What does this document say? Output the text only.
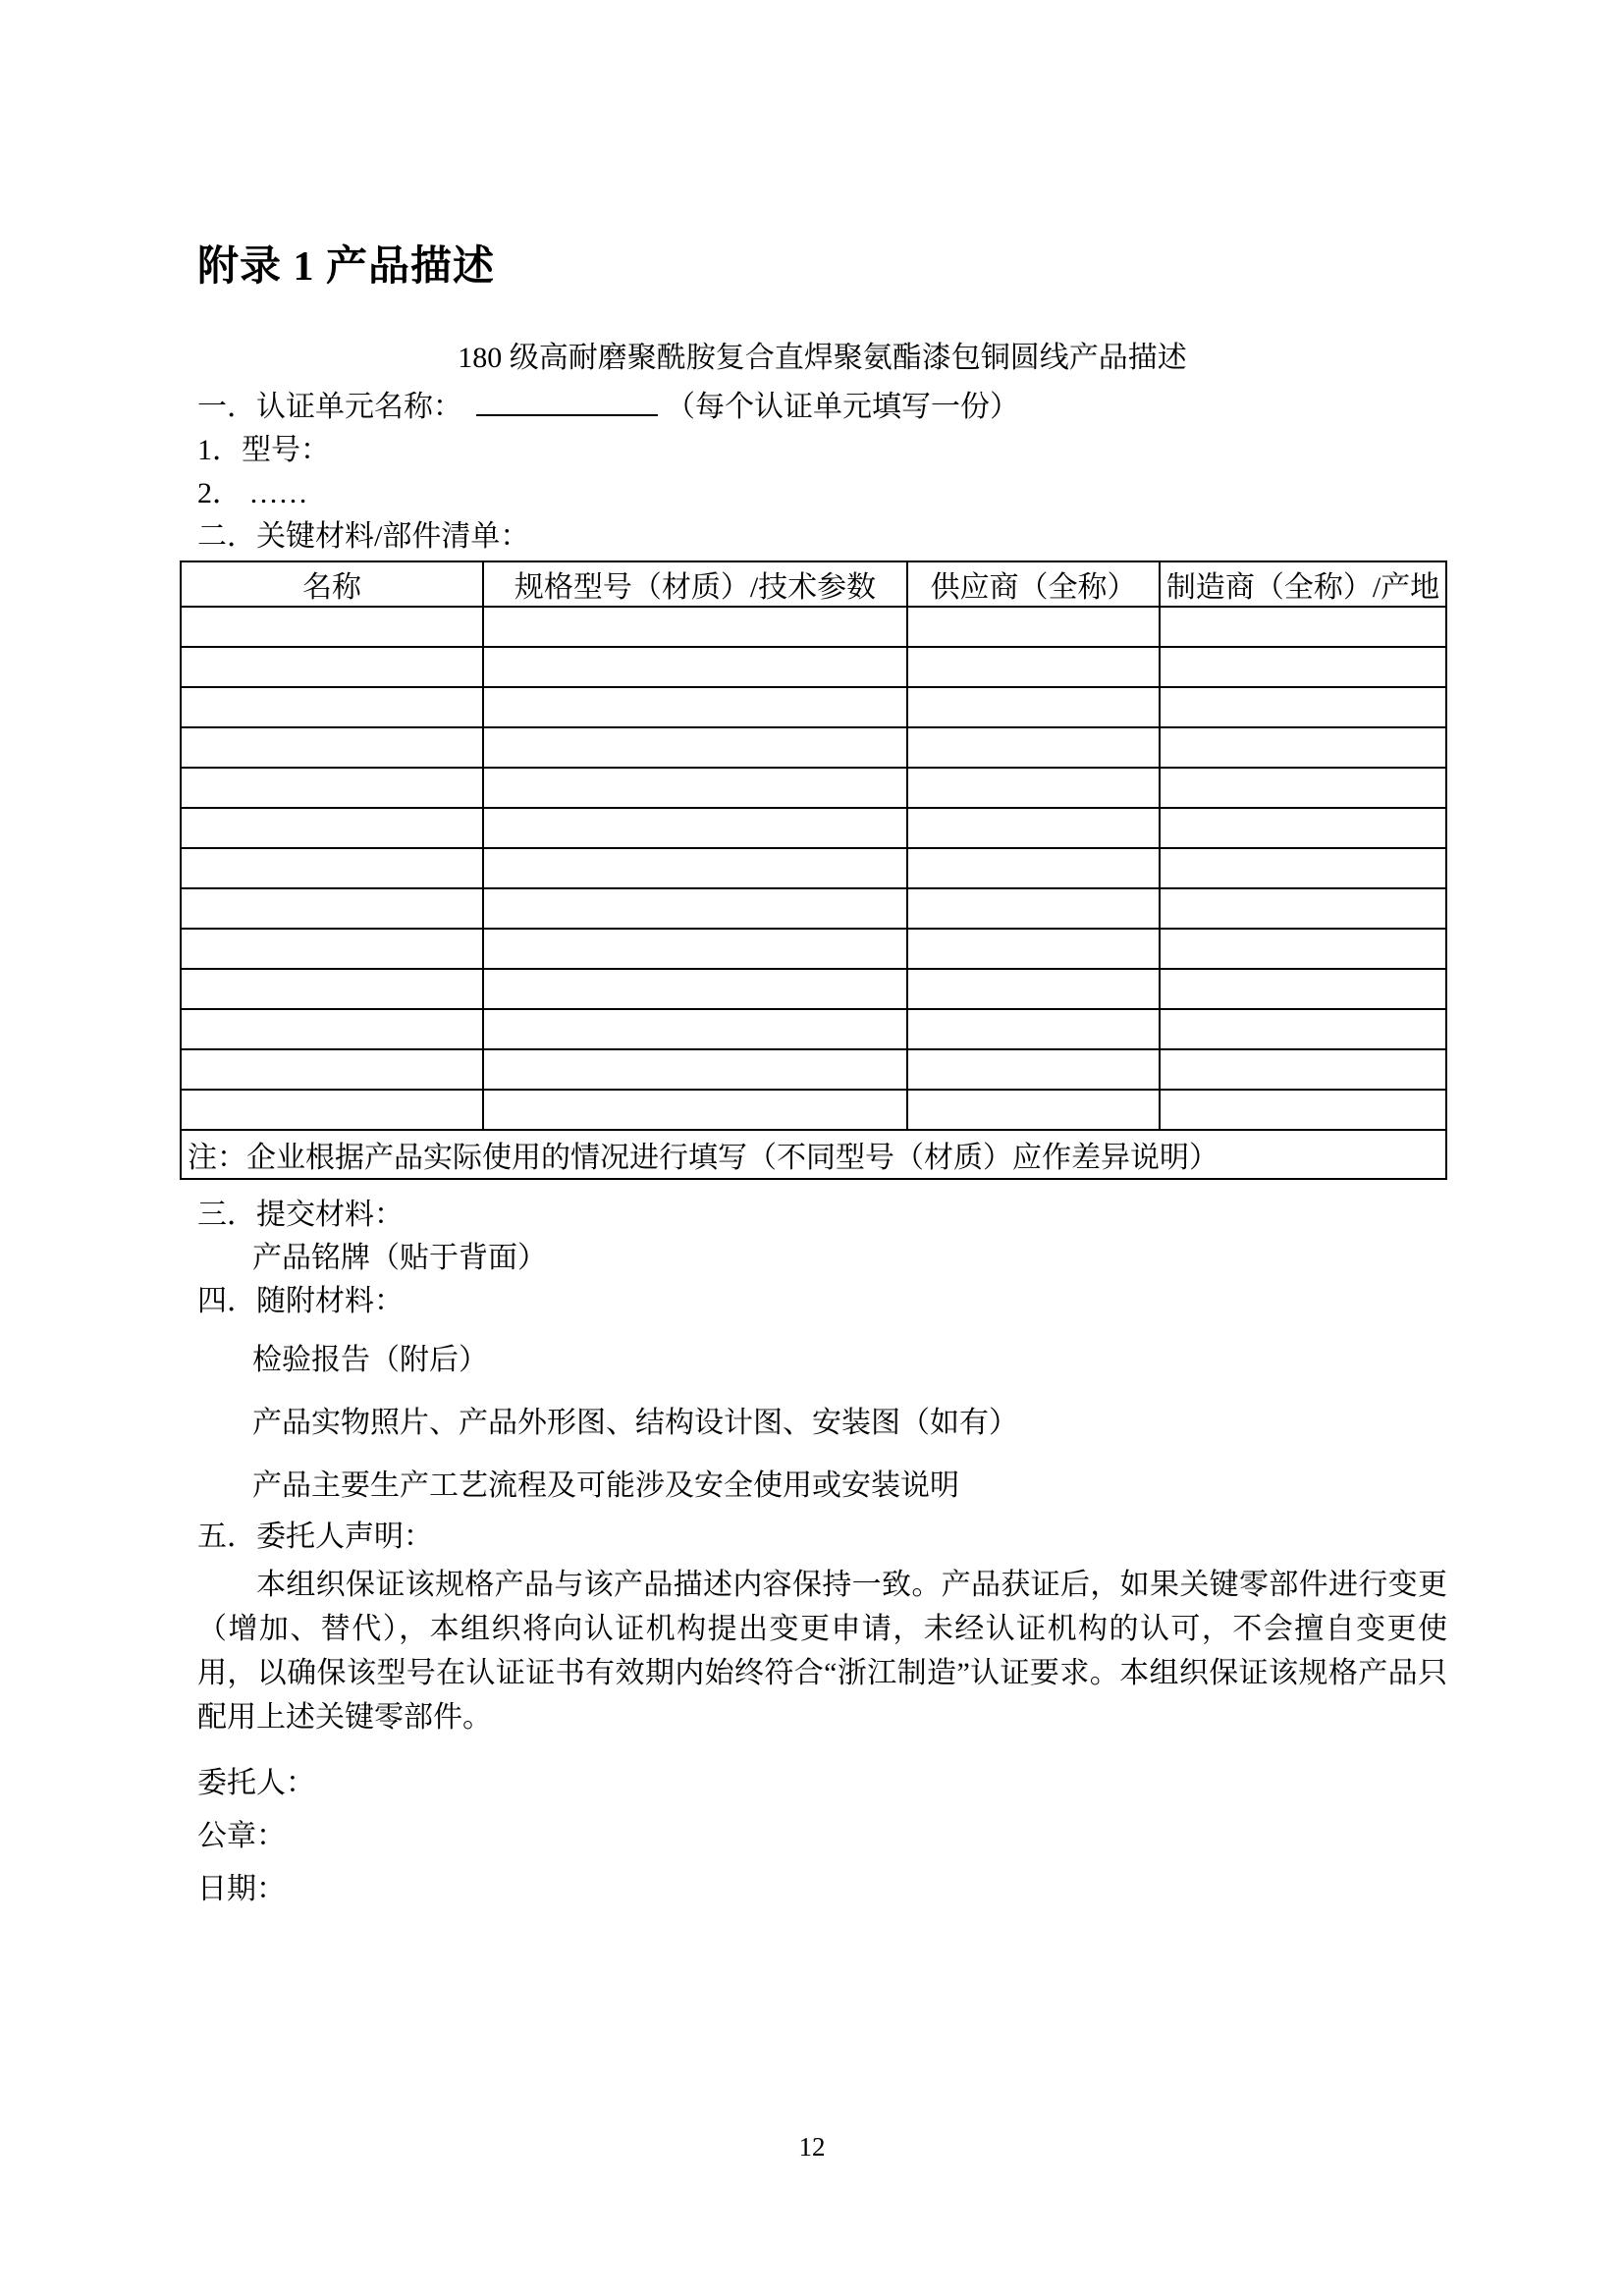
附录 1 产品描述
180 级高耐磨聚酰胺复合直焊聚氨酯漆包铜圆线产品描述
一．认证单元名称：	（每个认证单元填写一份）
1．型号：
2． ……
二．关键材料/部件清单：
名称	规格型号（材质）/技术参数	供应商（全称）	制造商（全称）/产地

注：企业根据产品实际使用的情况进行填写（不同型号（材质）应作差异说明）			
三．提交材料：
产品铭牌（贴于背面）
四．随附材料：
检验报告（附后）
产品实物照片、产品外形图、结构设计图、安装图（如有）
产品主要生产工艺流程及可能涉及安全使用或安装说明
五．委托人声明：

本组织保证该规格产品与该产品描述内容保持一致。产品获证后，如果关键零部件进行变更（增加、替代），本组织将向认证机构提出变更申请，未经认证机构的认可，不会擅自变更使用，以确保该型号在认证证书有效期内始终符合“浙江制造”认证要求。本组织保证该规格产品只配用上述关键零部件。

委托人：
公章：
日期：
12
